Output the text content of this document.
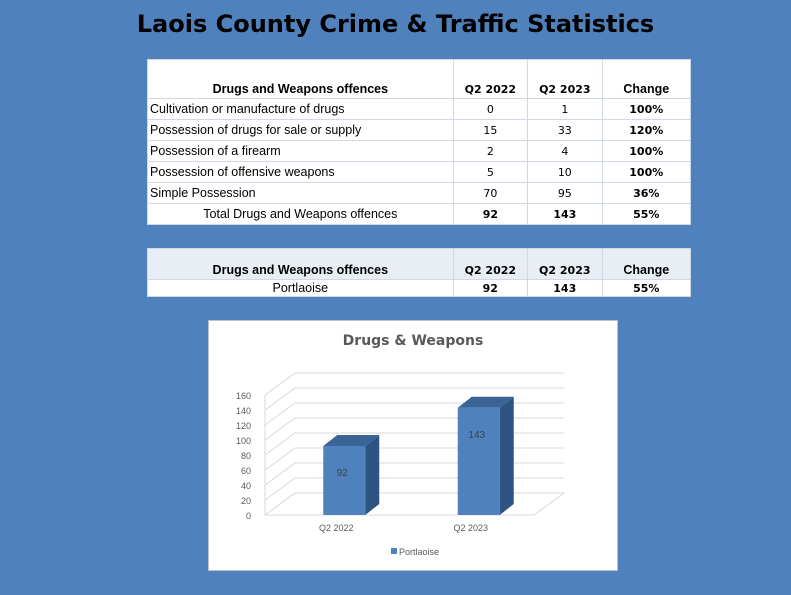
Laois County Crime & Traffic Statistics
Drugs and Weapons offences	Q2 2022	Q2 2023	Change
Cultivation or manufacture of drugs	0	1	100%
Possession of drugs for sale or supply	15	33	120%
Possession of a firearm	2	4	100%
Possession of offensive weapons	5	10	100%
Simple Possession	70	95	36%
Total Drugs and Weapons offences	92	143	55%
Drugs and Weapons offences	Q2 2022	Q2 2023	Change
Portlaoise	92	143	55%
Drugs & Weapons
0
20
40
60
80
100
120
140
160
92
Q2 2022
143
Q2 2023
Portlaoise
